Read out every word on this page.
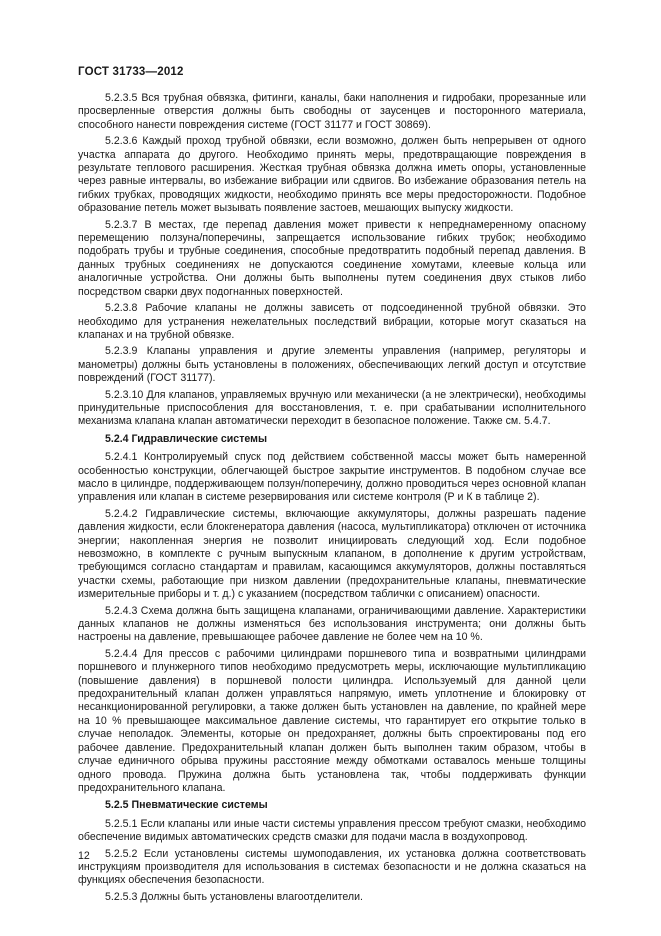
ГОСТ 31733—2012

5.2.3.5 Вся трубная обвязка, фитинги, каналы, баки наполнения и гидробаки, прорезанные или просверленные отверстия должны быть свободны от заусенцев и посторонного материала, способного нанести повреждения системе (ГОСТ 31177 и ГОСТ 30869).

5.2.3.6 Каждый проход трубной обвязки, если возможно, должен быть непрерывен от одного участка аппарата до другого. Необходимо принять меры, предотвращающие повреждения в результате теплового расширения. Жесткая трубная обвязка должна иметь опоры, установленные через равные интервалы, во избежание вибрации или сдвигов. Во избежание образования петель на гибких трубках, проводящих жидкости, необходимо принять все меры предосторожности. Подобное образование петель может вызывать появление застоев, мешающих выпуску жидкости.

5.2.3.7 В местах, где перепад давления может привести к непреднамеренному опасному перемещению ползуна/поперечины, запрещается использование гибких трубок; необходимо подобрать трубы и трубные соединения, способные предотвратить подобный перепад давления. В данных трубных соединениях не допускаются соединение хомутами, клеевые кольца или аналогичные устройства. Они должны быть выполнены путем соединения двух стыков либо посредством сварки двух подогнанных поверхностей.

5.2.3.8 Рабочие клапаны не должны зависеть от подсоединенной трубной обвязки. Это необходимо для устранения нежелательных последствий вибрации, которые могут сказаться на клапанах и на трубной обвязке.

5.2.3.9 Клапаны управления и другие элементы управления (например, регуляторы и манометры) должны быть установлены в положениях, обеспечивающих легкий доступ и отсутствие повреждений (ГОСТ 31177).

5.2.3.10 Для клапанов, управляемых вручную или механически (а не электрически), необходимы принудительные приспособления для восстановления, т. е. при срабатывании исполнительного механизма клапана клапан автоматически переходит в безопасное положение. Также см. 5.4.7.

5.2.4 Гидравлические системы

5.2.4.1 Контролируемый спуск под действием собственной массы может быть намеренной особенностью конструкции, облегчающей быстрое закрытие инструментов. В подобном случае все масло в цилиндре, поддерживающем ползун/поперечину, должно проводиться через основной клапан управления или клапан в системе резервирования или системе контроля (Р и К в таблице 2).

5.2.4.2 Гидравлические системы, включающие аккумуляторы, должны разрешать падение давления жидкости, если блокгенератора давления (насоса, мультипликатора) отключен от источника энергии; накопленная энергия не позволит инициировать следующий ход. Если подобное невозможно, в комплекте с ручным выпускным клапаном, в дополнение к другим устройствам, требующимся согласно стандартам и правилам, касающимся аккумуляторов, должны поставляться участки схемы, работающие при низком давлении (предохранительные клапаны, пневматические измерительные приборы и т. д.) с указанием (посредством таблички с описанием) опасности.

5.2.4.3 Схема должна быть защищена клапанами, ограничивающими давление. Характеристики данных клапанов не должны изменяться без использования инструмента; они должны быть настроены на давление, превышающее рабочее давление не более чем на 10 %.

5.2.4.4 Для прессов с рабочими цилиндрами поршневого типа и возвратными цилиндрами поршневого и плунжерного типов необходимо предусмотреть меры, исключающие мультипликацию (повышение давления) в поршневой полости цилиндра. Используемый для данной цели предохранительный клапан должен управляться напрямую, иметь уплотнение и блокировку от несанкционированной регулировки, а также должен быть установлен на давление, по крайней мере на 10 % превышающее максимальное давление системы, что гарантирует его открытие только в случае неполадок. Элементы, которые он предохраняет, должны быть спроектированы под его рабочее давление. Предохранительный клапан должен быть выполнен таким образом, чтобы в случае единичного обрыва пружины расстояние между обмотками оставалось меньше толщины одного провода. Пружина должна быть установлена так, чтобы поддерживать функции предохранительного клапана.

5.2.5 Пневматические системы

5.2.5.1 Если клапаны или иные части системы управления прессом требуют смазки, необходимо обеспечение видимых автоматических средств смазки для подачи масла в воздухопровод.

5.2.5.2 Если установлены системы шумоподавления, их установка должна соответствовать инструкциям производителя для использования в системах безопасности и не должна сказаться на функциях обеспечения безопасности.

5.2.5.3 Должны быть установлены влагоотделители.

12
